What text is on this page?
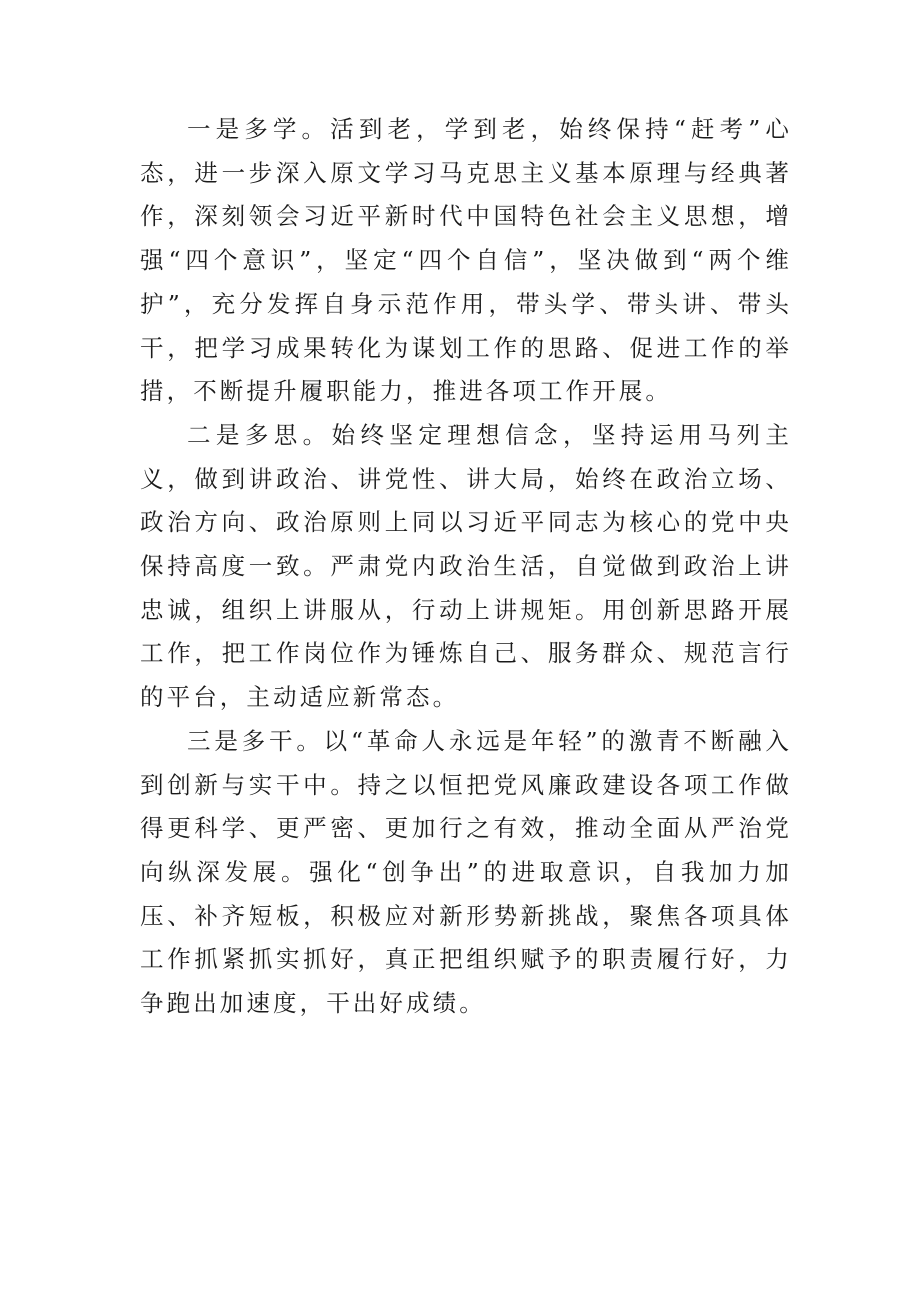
一是多学。活到老，学到老，始终保持“赶考”心态，进一步深入原文学习马克思主义基本原理与经典著作，深刻领会习近平新时代中国特色社会主义思想，增强“四个意识”，坚定“四个自信”，坚决做到“两个维护”，充分发挥自身示范作用，带头学、带头讲、带头干，把学习成果转化为谋划工作的思路、促进工作的举措，不断提升履职能力，推进各项工作开展。

二是多思。始终坚定理想信念，坚持运用马列主义，做到讲政治、讲党性、讲大局，始终在政治立场、政治方向、政治原则上同以习近平同志为核心的党中央保持高度一致。严肃党内政治生活，自觉做到政治上讲忠诚，组织上讲服从，行动上讲规矩。用创新思路开展工作，把工作岗位作为锤炼自己、服务群众、规范言行的平台，主动适应新常态。

三是多干。以“革命人永远是年轻”的激青不断融入到创新与实干中。持之以恒把党风廉政建设各项工作做得更科学、更严密、更加行之有效，推动全面从严治党向纵深发展。强化“创争出”的进取意识，自我加力加压、补齐短板，积极应对新形势新挑战，聚焦各项具体工作抓紧抓实抓好，真正把组织赋予的职责履行好，力争跑出加速度，干出好成绩。
